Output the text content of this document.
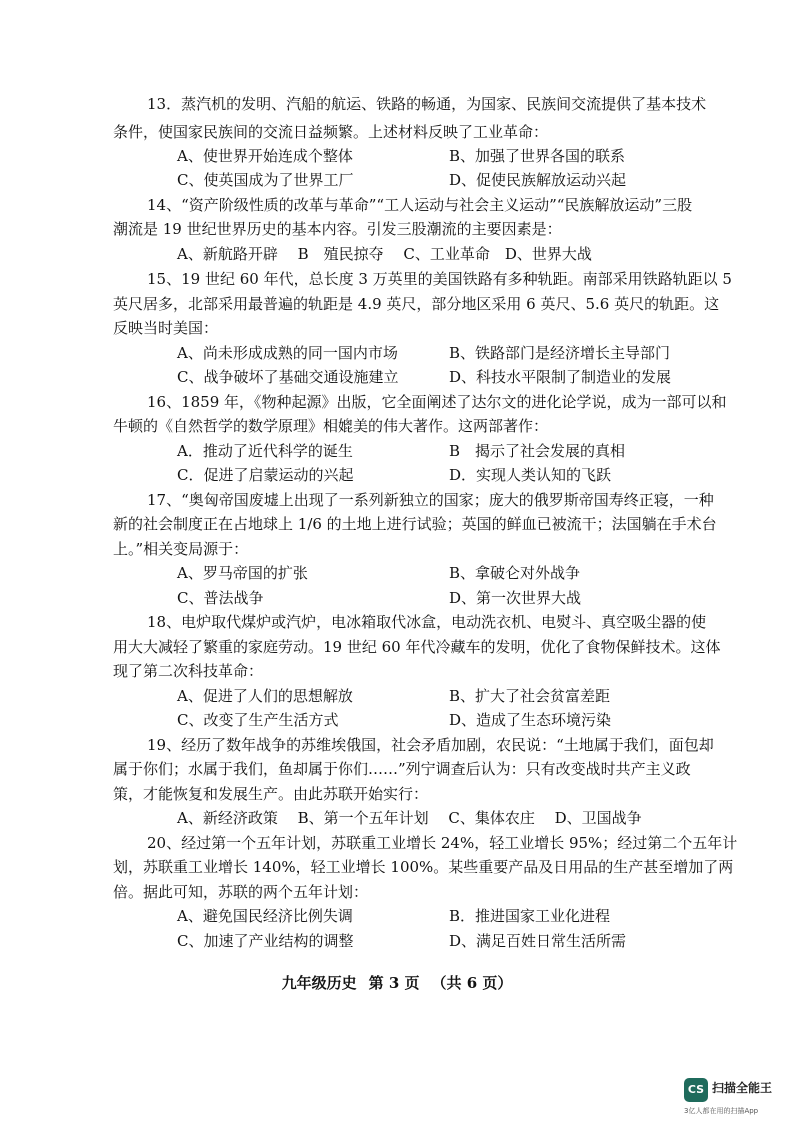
13．蒸汽机的发明、汽船的航运、铁路的畅通，为国家、民族间交流提供了基本技术
条件，使国家民族间的交流日益频繁。上述材料反映了工业革命：
A、使世界开始连成个整体	B、加强了世界各国的联系
C、使英国成为了世界工厂	D、促使民族解放运动兴起
14、“资产阶级性质的改革与革命”“工人运动与社会主义运动”“民族解放运动”三股
潮流是 19 世纪世界历史的基本内容。引发三股潮流的主要因素是：
A、新航路开辟　 B　殖民掠夺　 C、工业革命　D、世界大战
15、19 世纪 60 年代，总长度 3 万英里的美国铁路有多种轨距。南部采用铁路轨距以 5
英尺居多，北部采用最普遍的轨距是 4.9 英尺，部分地区采用 6 英尺、5.6 英尺的轨距。这
反映当时美国：
A、尚未形成成熟的同一国内市场	B、铁路部门是经济增长主导部门
C、战争破坏了基础交通设施建立	D、科技水平限制了制造业的发展
16、1859 年，《物种起源》出版，它全面阐述了达尔文的进化论学说，成为一部可以和
牛顿的《自然哲学的数学原理》相媲美的伟大著作。这两部著作：
A．推动了近代科学的诞生	B　揭示了社会发展的真相
C．促进了启蒙运动的兴起	D．实现人类认知的飞跃
17、“奥匈帝国废墟上出现了一系列新独立的国家；庞大的俄罗斯帝国寿终正寝，一种
新的社会制度正在占地球上 1/6 的土地上进行试验；英国的鲜血已被流干；法国躺在手术台
上。”相关变局源于：
A、罗马帝国的扩张	B、拿破仑对外战争
C、普法战争	D、第一次世界大战
18、电炉取代煤炉或汽炉，电冰箱取代冰盒，电动洗衣机、电熨斗、真空吸尘器的使
用大大减轻了繁重的家庭劳动。19 世纪 60 年代冷藏车的发明，优化了食物保鲜技术。这体
现了第二次科技革命：
A、促进了人们的思想解放	B、扩大了社会贫富差距
C、改变了生产生活方式	D、造成了生态环境污染
19、经历了数年战争的苏维埃俄国，社会矛盾加剧，农民说：“土地属于我们，面包却
属于你们；水属于我们，鱼却属于你们……”列宁调查后认为：只有改变战时共产主义政
策，才能恢复和发展生产。由此苏联开始实行：
A、新经济政策　 B、第一个五年计划　 C、集体农庄　 D、卫国战争
20、经过第一个五年计划，苏联重工业增长 24%，轻工业增长 95%；经过第二个五年计
划，苏联重工业增长 140%，轻工业增长 100%。某些重要产品及日用品的生产甚至增加了两
倍。据此可知，苏联的两个五年计划：
A、避免国民经济比例失调	B．推进国家工业化进程
C、加速了产业结构的调整	D、满足百姓日常生活所需
九年级历史 第 3 页 （共 6 页）
CS 扫描全能王
3亿人都在用的扫描App
